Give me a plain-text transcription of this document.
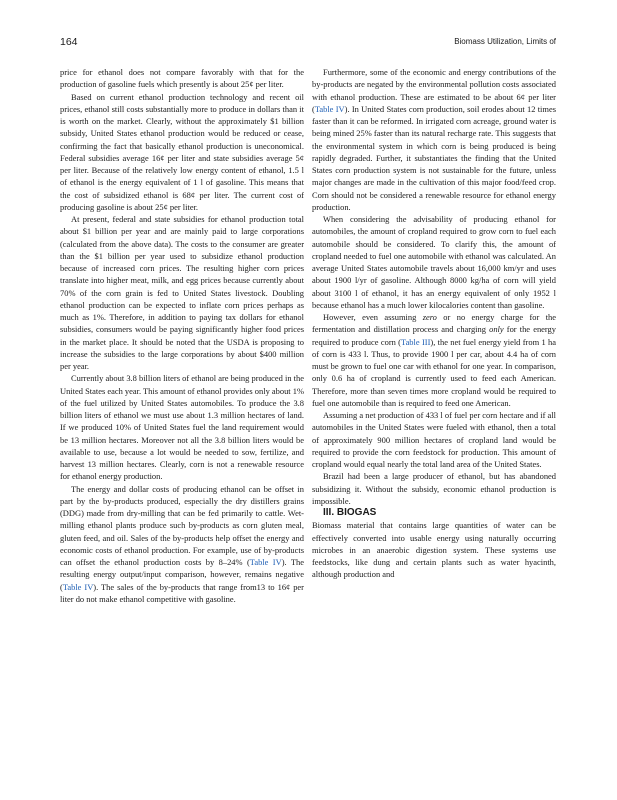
164	Biomass Utilization, Limits of

price for ethanol does not compare favorably with that for the production of gasoline fuels which presently is about 25¢ per liter.

Based on current ethanol production technology and recent oil prices, ethanol still costs substantially more to produce in dollars than it is worth on the market. Clearly, without the approximately $1 billion subsidy, United States ethanol production would be reduced or cease, confirming the fact that basically ethanol production is uneconomical. Federal subsidies average 16¢ per liter and state subsidies average 5¢ per liter. Because of the relatively low energy content of ethanol, 1.5 l of ethanol is the energy equivalent of 1 l of gasoline. This means that the cost of subsidized ethanol is 68¢ per liter. The current cost of producing gasoline is about 25¢ per liter.

At present, federal and state subsidies for ethanol production total about $1 billion per year and are mainly paid to large corporations (calculated from the above data). The costs to the consumer are greater than the $1 billion per year used to subsidize ethanol production because of increased corn prices. The resulting higher corn prices translate into higher meat, milk, and egg prices because currently about 70% of the corn grain is fed to United States livestock. Doubling ethanol production can be expected to inflate corn prices perhaps as much as 1%. Therefore, in addition to paying tax dollars for ethanol subsidies, consumers would be paying significantly higher food prices in the market place. It should be noted that the USDA is proposing to increase the subsidies to the large corporations by about $400 million per year.

Currently about 3.8 billion liters of ethanol are being produced in the United States each year. This amount of ethanol provides only about 1% of the fuel utilized by United States automobiles. To produce the 3.8 billion liters of ethanol we must use about 1.3 million hectares of land. If we produced 10% of United States fuel the land requirement would be 13 million hectares. Moreover not all the 3.8 billion liters would be available to use, because a lot would be needed to sow, fertilize, and harvest 13 million hectares. Clearly, corn is not a renewable resource for ethanol energy production.

The energy and dollar costs of producing ethanol can be offset in part by the by-products produced, especially the dry distillers grains (DDG) made from dry-milling that can be fed primarily to cattle. Wet-milling ethanol plants produce such by-products as corn gluten meal, gluten feed, and oil. Sales of the by-products help offset the energy and economic costs of ethanol production. For example, use of by-products can offset the ethanol production costs by 8–24% (Table IV). The resulting energy output/input comparison, however, remains negative (Table IV). The sales of the by-products that range from13 to 16¢ per liter do not make ethanol competitive with gasoline.

Furthermore, some of the economic and energy contributions of the by-products are negated by the environmental pollution costs associated with ethanol production. These are estimated to be about 6¢ per liter (Table IV). In United States corn production, soil erodes about 12 times faster than it can be reformed. In irrigated corn acreage, ground water is being mined 25% faster than its natural recharge rate. This suggests that the environmental system in which corn is being produced is being rapidly degraded. Further, it substantiates the finding that the United States corn production system is not sustainable for the future, unless major changes are made in the cultivation of this major food/feed crop. Corn should not be considered a renewable resource for ethanol energy production.

When considering the advisability of producing ethanol for automobiles, the amount of cropland required to grow corn to fuel each automobile should be considered. To clarify this, the amount of cropland needed to fuel one automobile with ethanol was calculated. An average United States automobile travels about 16,000 km/yr and uses about 1900 l/yr of gasoline. Although 8000 kg/ha of corn will yield about 3100 l of ethanol, it has an energy equivalent of only 1952 l because ethanol has a much lower kilocalories content than gasoline.

However, even assuming zero or no energy charge for the fermentation and distillation process and charging only for the energy required to produce corn (Table III), the net fuel energy yield from 1 ha of corn is 433 l. Thus, to provide 1900 l per car, about 4.4 ha of corn must be grown to fuel one car with ethanol for one year. In comparison, only 0.6 ha of cropland is currently used to feed each American. Therefore, more than seven times more cropland would be required to fuel one automobile than is required to feed one American.

Assuming a net production of 433 l of fuel per corn hectare and if all automobiles in the United States were fueled with ethanol, then a total of approximately 900 million hectares of cropland land would be required to provide the corn feedstock for production. This amount of cropland would equal nearly the total land area of the United States.

Brazil had been a large producer of ethanol, but has abandoned subsidizing it. Without the subsidy, economic ethanol production is impossible.

III. BIOGAS

Biomass material that contains large quantities of water can be effectively converted into usable energy using naturally occurring microbes in an anaerobic digestion system. These systems use feedstocks, like dung and certain plants such as water hyacinth, although production and
